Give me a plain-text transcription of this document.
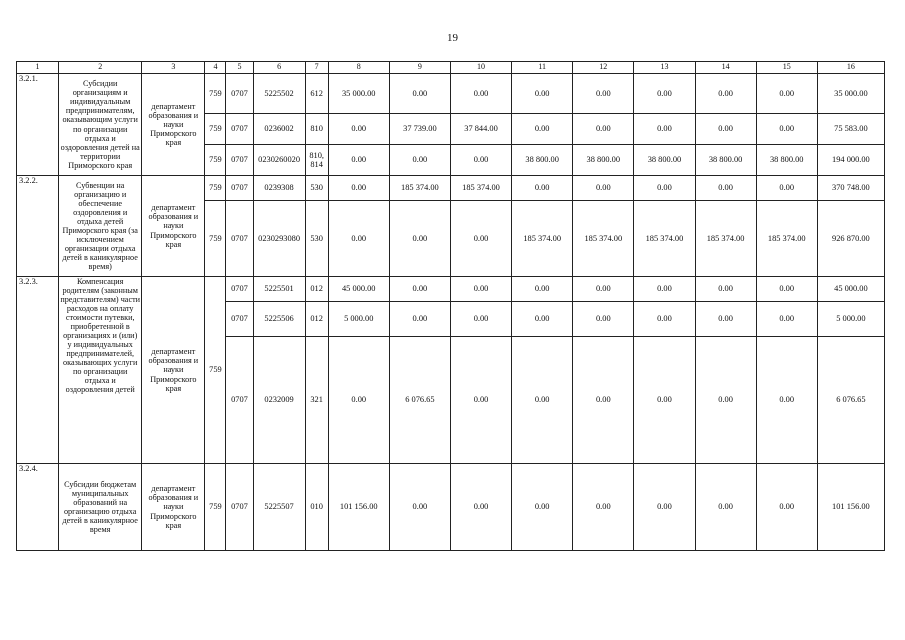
19
1	2	3	4	5	6	7	8	9	10	11	12	13	14	15	16
3.2.1.	Субсидии организациям и индивидуальным предпринимателям, оказывающим услуги по организации отдыха и оздоровления детей на территории Приморского края	департамент образования и науки Приморского края	759	0707	5225502	612	35 000.00	0.00	0.00	0.00	0.00	0.00	0.00	0.00	35 000.00
			759	0707	0236002	810	0.00	37 739.00	37 844.00	0.00	0.00	0.00	0.00	0.00	75 583.00
			759	0707	0230260020	810, 814	0.00	0.00	0.00	38 800.00	38 800.00	38 800.00	38 800.00	38 800.00	194 000.00
3.2.2.	Субвенции на организацию и обеспечение оздоровления и отдыха детей Приморского края (за исключением организации отдыха детей в каникулярное время)	департамент образования и науки Приморского края	759	0707	0239308	530	0.00	185 374.00	185 374.00	0.00	0.00	0.00	0.00	0.00	370 748.00
			759	0707	0230293080	530	0.00	0.00	0.00	185 374.00	185 374.00	185 374.00	185 374.00	185 374.00	926 870.00
3.2.3.	Компенсация родителям (законным представителям) части расходов на оплату стоимости путевки, приобретенной в организациях и (или) у индивидуальных предпринимателей, оказывающих услуги по организации отдыха и оздоровления детей	департамент образования и науки Приморского края	759	0707	5225501	012	45 000.00	0.00	0.00	0.00	0.00	0.00	0.00	0.00	45 000.00
				0707	5225506	012	5 000.00	0.00	0.00	0.00	0.00	0.00	0.00	0.00	5 000.00
				0707	0232009	321	0.00	6 076.65	0.00	0.00	0.00	0.00	0.00	0.00	6 076.65
3.2.4.	Субсидии бюджетам муниципальных образований на организацию отдыха детей в каникулярное время	департамент образования и науки Приморского края	759	0707	5225507	010	101 156.00	0.00	0.00	0.00	0.00	0.00	0.00	0.00	101 156.00
